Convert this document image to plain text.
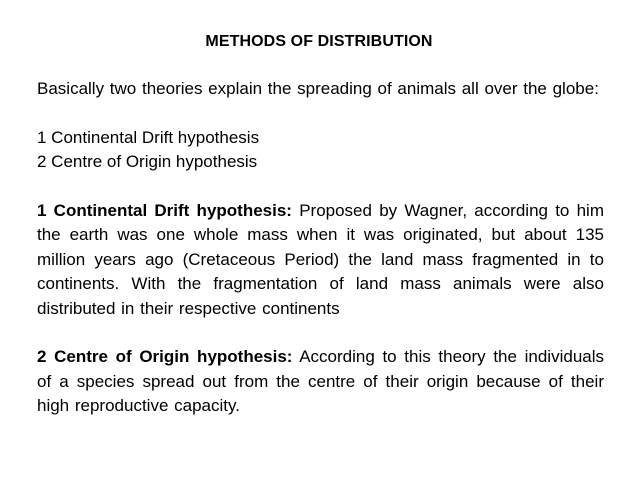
METHODS OF DISTRIBUTION

Basically two theories explain the spreading of animals all over the globe:

1 Continental Drift hypothesis

2 Centre of Origin hypothesis

1 Continental Drift hypothesis: Proposed by Wagner, according to him the earth was one whole mass when it was originated, but about 135 million years ago (Cretaceous Period) the land mass fragmented in to continents. With the fragmentation of land mass animals were also distributed in their respective continents

2 Centre of Origin hypothesis: According to this theory the individuals of a species spread out from the centre of their origin because of their high reproductive capacity.
